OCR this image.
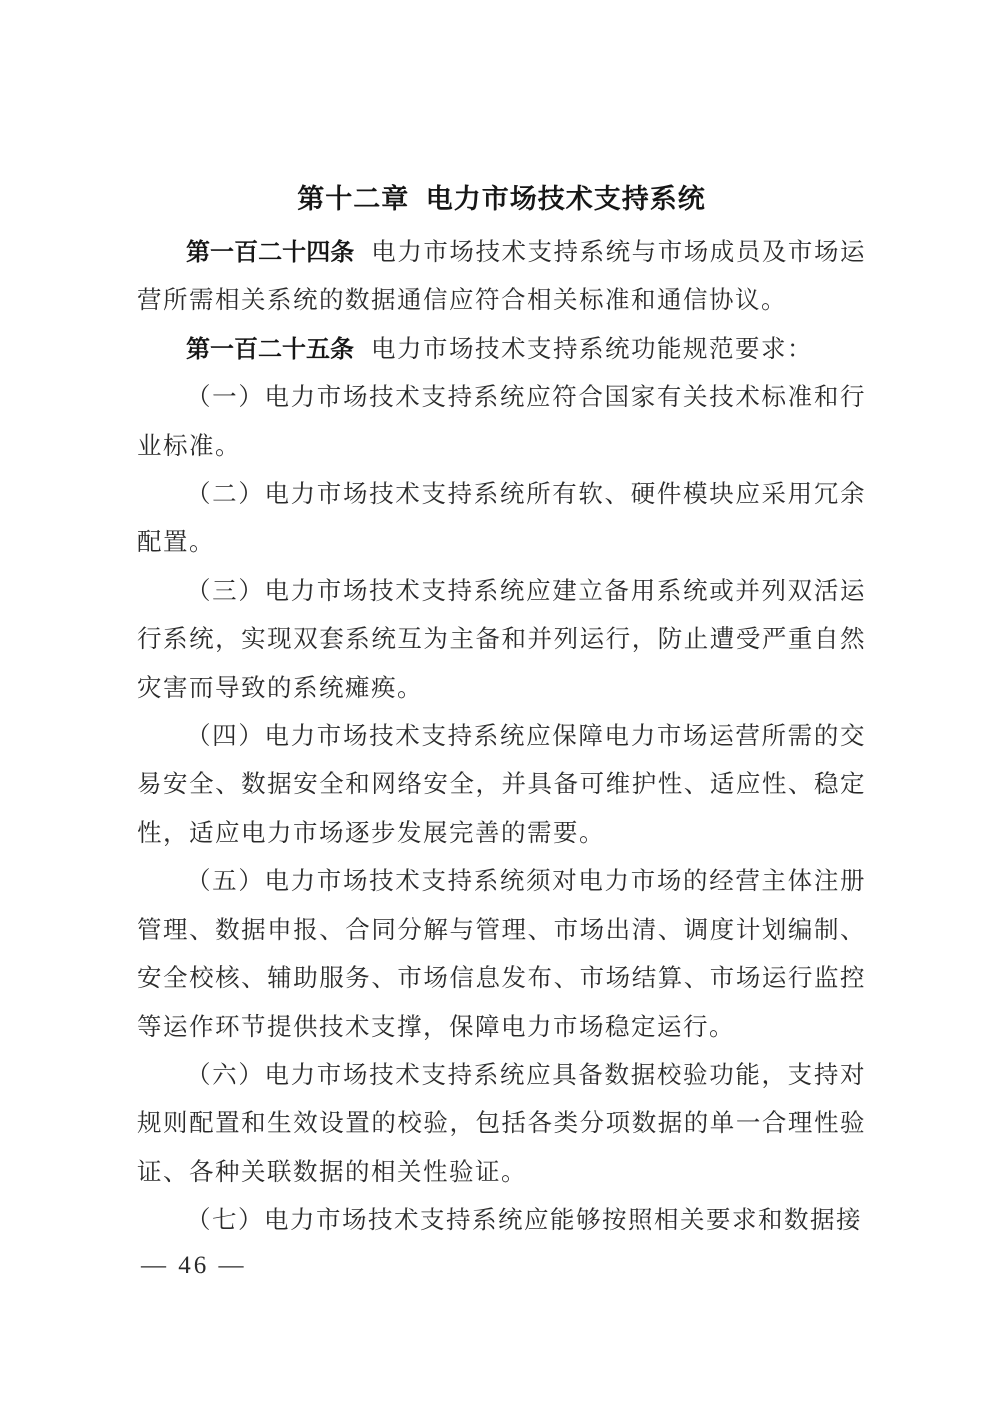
第十二章 电力市场技术支持系统

第一百二十四条 电力市场技术支持系统与市场成员及市场运营所需相关系统的数据通信应符合相关标准和通信协议。

第一百二十五条 电力市场技术支持系统功能规范要求：

（一）电力市场技术支持系统应符合国家有关技术标准和行业标准。

（二）电力市场技术支持系统所有软、硬件模块应采用冗余配置。

（三）电力市场技术支持系统应建立备用系统或并列双活运行系统，实现双套系统互为主备和并列运行，防止遭受严重自然灾害而导致的系统瘫痪。

（四）电力市场技术支持系统应保障电力市场运营所需的交易安全、数据安全和网络安全，并具备可维护性、适应性、稳定性，适应电力市场逐步发展完善的需要。

（五）电力市场技术支持系统须对电力市场的经营主体注册管理、数据申报、合同分解与管理、市场出清、调度计划编制、安全校核、辅助服务、市场信息发布、市场结算、市场运行监控等运作环节提供技术支撑，保障电力市场稳定运行。

（六）电力市场技术支持系统应具备数据校验功能，支持对规则配置和生效设置的校验，包括各类分项数据的单一合理性验证、各种关联数据的相关性验证。

（七）电力市场技术支持系统应能够按照相关要求和数据接

— 46 —
